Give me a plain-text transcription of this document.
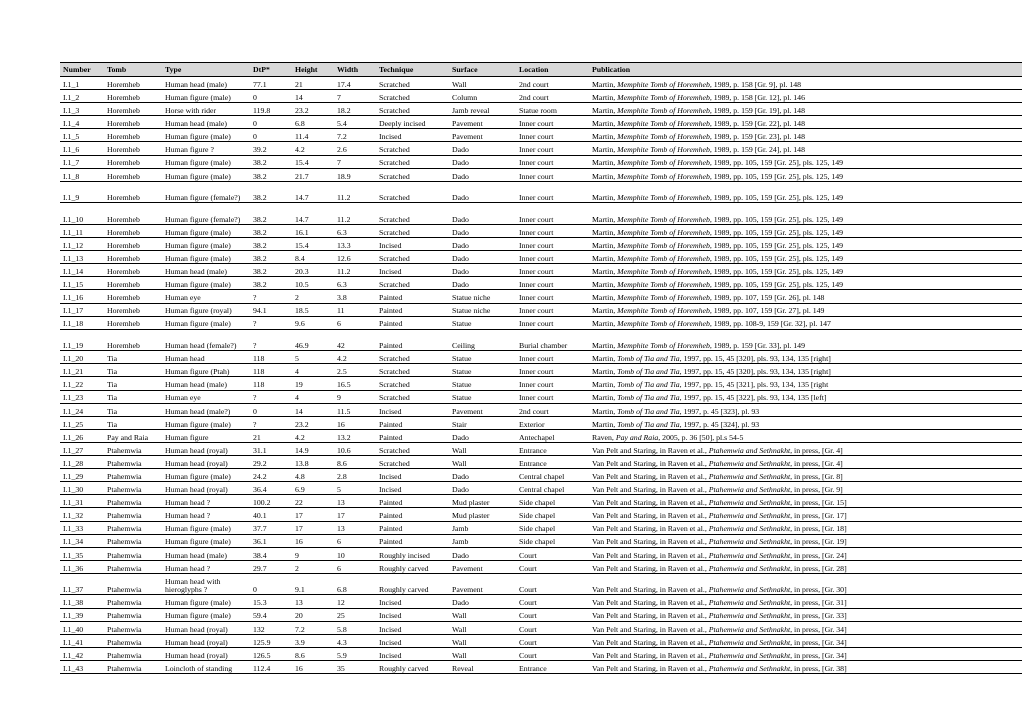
Number	Tomb	Type	DtP*	Height	Width	Technique	Surface	Location	Publication
I.1_1	Horemheb	Human head (male)	77.1	21	17.4	Scratched	Wall	2nd court	Martin, Memphite Tomb of Horemheb, 1989, p. 158 [Gr. 9], pl. 148
I.1_2	Horemheb	Human figure (male)	0	14	7	Scratched	Column	2nd court	Martin, Memphite Tomb of Horemheb, 1989, p. 158 [Gr. 12], pl. 146
I.1_3	Horemheb	Horse with rider	119.8	23.2	18.2	Scratched	Jamb reveal	Statue room	Martin, Memphite Tomb of Horemheb, 1989, p. 159 [Gr. 19], pl. 148
I.1_4	Horemheb	Human head (male)	0	6.8	5.4	Deeply incised	Pavement	Inner court	Martin, Memphite Tomb of Horemheb, 1989, p. 159 [Gr. 22], pl. 148
I.1_5	Horemheb	Human figure (male)	0	11.4	7.2	Incised	Pavement	Inner court	Martin, Memphite Tomb of Horemheb, 1989, p. 159 [Gr. 23], pl. 148
I.1_6	Horemheb	Human figure ?	39.2	4.2	2.6	Scratched	Dado	Inner court	Martin, Memphite Tomb of Horemheb, 1989, p. 159 [Gr. 24], pl. 148
I.1_7	Horemheb	Human figure (male)	38.2	15.4	7	Scratched	Dado	Inner court	Martin, Memphite Tomb of Horemheb, 1989, pp. 105, 159 [Gr. 25], pls. 125, 149
I.1_8	Horemheb	Human figure (male)	38.2	21.7	18.9	Scratched	Dado	Inner court	Martin, Memphite Tomb of Horemheb, 1989, pp. 105, 159 [Gr. 25], pls. 125, 149
I.1_9	Horemheb	Human figure (female?)	38.2	14.7	11.2	Scratched	Dado	Inner court	Martin, Memphite Tomb of Horemheb, 1989, pp. 105, 159 [Gr. 25], pls. 125, 149
I.1_10	Horemheb	Human figure (female?)	38.2	14.7	11.2	Scratched	Dado	Inner court	Martin, Memphite Tomb of Horemheb, 1989, pp. 105, 159 [Gr. 25], pls. 125, 149
I.1_11	Horemheb	Human figure (male)	38.2	16.1	6.3	Scratched	Dado	Inner court	Martin, Memphite Tomb of Horemheb, 1989, pp. 105, 159 [Gr. 25], pls. 125, 149
I.1_12	Horemheb	Human figure (male)	38.2	15.4	13.3	Incised	Dado	Inner court	Martin, Memphite Tomb of Horemheb, 1989, pp. 105, 159 [Gr. 25], pls. 125, 149
I.1_13	Horemheb	Human figure (male)	38.2	8.4	12.6	Scratched	Dado	Inner court	Martin, Memphite Tomb of Horemheb, 1989, pp. 105, 159 [Gr. 25], pls. 125, 149
I.1_14	Horemheb	Human head (male)	38.2	20.3	11.2	Incised	Dado	Inner court	Martin, Memphite Tomb of Horemheb, 1989, pp. 105, 159 [Gr. 25], pls. 125, 149
I.1_15	Horemheb	Human figure (male)	38.2	10.5	6.3	Scratched	Dado	Inner court	Martin, Memphite Tomb of Horemheb, 1989, pp. 105, 159 [Gr. 25], pls. 125, 149
I.1_16	Horemheb	Human eye	?	2	3.8	Painted	Statue niche	Inner court	Martin, Memphite Tomb of Horemheb, 1989, pp. 107, 159 [Gr. 26], pl. 148
I.1_17	Horemheb	Human figure (royal)	94.1	18.5	11	Painted	Statue niche	Inner court	Martin, Memphite Tomb of Horemheb, 1989, pp. 107, 159 [Gr. 27], pl. 149
I.1_18	Horemheb	Human figure (male)	?	9.6	6	Painted	Statue	Inner court	Martin, Memphite Tomb of Horemheb, 1989, pp. 108-9, 159 [Gr. 32], pl. 147
I.1_19	Horemheb	Human head (female?)	?	46.9	42	Painted	Ceiling	Burial chamber	Martin, Memphite Tomb of Horemheb, 1989, p. 159 [Gr. 33], pl. 149
I.1_20	Tia	Human head	118	5	4.2	Scratched	Statue	Inner court	Martin, Tomb of Tia and Tia, 1997, pp. 15, 45 [320], pls. 93, 134, 135 [right]
I.1_21	Tia	Human figure (Ptah)	118	4	2.5	Scratched	Statue	Inner court	Martin, Tomb of Tia and Tia, 1997, pp. 15, 45 [320], pls. 93, 134, 135 [right]
I.1_22	Tia	Human head (male)	118	19	16.5	Scratched	Statue	Inner court	Martin, Tomb of Tia and Tia, 1997, pp. 15, 45 [321], pls. 93, 134, 135 [right
I.1_23	Tia	Human eye	?	4	9	Scratched	Statue	Inner court	Martin, Tomb of Tia and Tia, 1997, pp. 15, 45 [322], pls. 93, 134, 135 [left]
I.1_24	Tia	Human head (male?)	0	14	11.5	Incised	Pavement	2nd court	Martin, Tomb of Tia and Tia, 1997, p. 45 [323], pl. 93
I.1_25	Tia	Human figure (male)	?	23.2	16	Painted	Stair	Exterior	Martin, Tomb of Tia and Tia, 1997, p. 45 [324], pl. 93
I.1_26	Pay and Raia	Human figure	21	4.2	13.2	Painted	Dado	Antechapel	Raven, Pay and Raia, 2005, p. 36 [50], pl.s 54-5
I.1_27	Ptahemwia	Human head (royal)	31.1	14.9	10.6	Scratched	Wall	Entrance	Van Pelt and Staring, in Raven et al., Ptahemwia and Sethnakht, in press, [Gr. 4]
I.1_28	Ptahemwia	Human head (royal)	29.2	13.8	8.6	Scratched	Wall	Entrance	Van Pelt and Staring, in Raven et al., Ptahemwia and Sethnakht, in press, [Gr. 4]
I.1_29	Ptahemwia	Human figure (male)	24.2	4.8	2.8	Incised	Dado	Central chapel	Van Pelt and Staring, in Raven et al., Ptahemwia and Sethnakht, in press, [Gr. 8]
I.1_30	Ptahemwia	Human head (royal)	36.4	6.9	5	Incised	Dado	Central chapel	Van Pelt and Staring, in Raven et al., Ptahemwia and Sethnakht, in press, [Gr. 9]
I.1_31	Ptahemwia	Human head ?	100.2	22	13	Painted	Mud plaster	Side chapel	Van Pelt and Staring, in Raven et al., Ptahemwia and Sethnakht, in press, [Gr. 15]
I.1_32	Ptahemwia	Human head ?	40.1	17	17	Painted	Mud plaster	Side chapel	Van Pelt and Staring, in Raven et al., Ptahemwia and Sethnakht, in press, [Gr. 17]
I.1_33	Ptahemwia	Human figure (male)	37.7	17	13	Painted	Jamb	Side chapel	Van Pelt and Staring, in Raven et al., Ptahemwia and Sethnakht, in press, [Gr. 18]
I.1_34	Ptahemwia	Human figure (male)	36.1	16	6	Painted	Jamb	Side chapel	Van Pelt and Staring, in Raven et al., Ptahemwia and Sethnakht, in press, [Gr. 19]
I.1_35	Ptahemwia	Human head (male)	38.4	9	10	Roughly incised	Dado	Court	Van Pelt and Staring, in Raven et al., Ptahemwia and Sethnakht, in press, [Gr. 24]
I.1_36	Ptahemwia	Human head ?	29.7	2	6	Roughly carved	Pavement	Court	Van Pelt and Staring, in Raven et al., Ptahemwia and Sethnakht, in press, [Gr. 28]
I.1_37	Ptahemwia	Human head with hieroglyphs ?	0	9.1	6.8	Roughly carved	Pavement	Court	Van Pelt and Staring, in Raven et al., Ptahemwia and Sethnakht, in press, [Gr. 30]
I.1_38	Ptahemwia	Human figure (male)	15.3	13	12	Incised	Dado	Court	Van Pelt and Staring, in Raven et al., Ptahemwia and Sethnakht, in press, [Gr. 31]
I.1_39	Ptahemwia	Human figure (male)	59.4	20	25	Incised	Wall	Court	Van Pelt and Staring, in Raven et al., Ptahemwia and Sethnakht, in press, [Gr. 33]
I.1_40	Ptahemwia	Human head (royal)	132	7.2	5.8	Incised	Wall	Court	Van Pelt and Staring, in Raven et al., Ptahemwia and Sethnakht, in press, [Gr. 34]
I.1_41	Ptahemwia	Human head (royal)	125.9	3.9	4.3	Incised	Wall	Court	Van Pelt and Staring, in Raven et al., Ptahemwia and Sethnakht, in press, [Gr. 34]
I.1_42	Ptahemwia	Human head (royal)	126.5	8.6	5.9	Incised	Wall	Court	Van Pelt and Staring, in Raven et al., Ptahemwia and Sethnakht, in press, [Gr. 34]
I.1_43	Ptahemwia	Loincloth of standing	112.4	16	35	Roughly carved	Reveal	Entrance	Van Pelt and Staring, in Raven et al., Ptahemwia and Sethnakht, in press, [Gr. 38]
